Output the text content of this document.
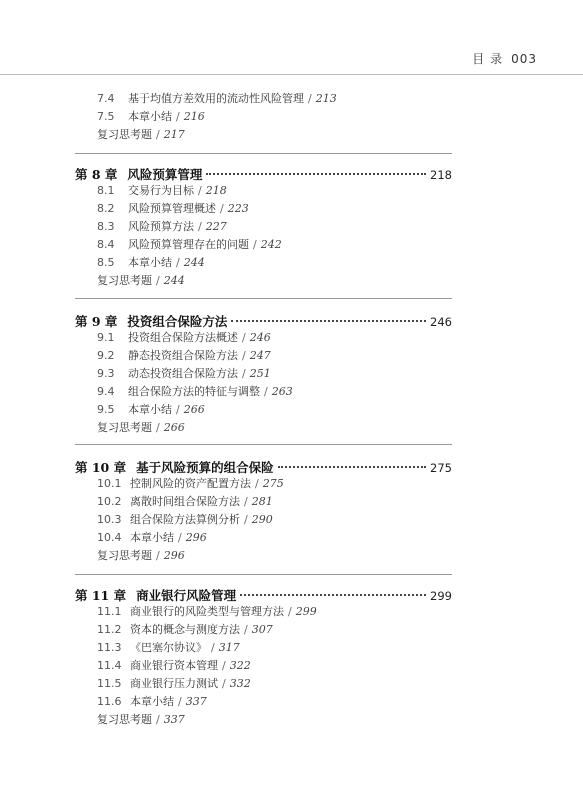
目 录 003
7.4 基于均值方差效用的流动性风险管理 / 213
7.5 本章小结 / 216
复习思考题 / 217
第 8 章 风险预算管理	218
8.1 交易行为目标 / 218
8.2 风险预算管理概述 / 223
8.3 风险预算方法 / 227
8.4 风险预算管理存在的问题 / 242
8.5 本章小结 / 244
复习思考题 / 244
第 9 章 投资组合保险方法	246
9.1 投资组合保险方法概述 / 246
9.2 静态投资组合保险方法 / 247
9.3 动态投资组合保险方法 / 251
9.4 组合保险方法的特征与调整 / 263
9.5 本章小结 / 266
复习思考题 / 266
第 10 章 基于风险预算的组合保险	275
10.1 控制风险的资产配置方法 / 275
10.2 离散时间组合保险方法 / 281
10.3 组合保险方法算例分析 / 290
10.4 本章小结 / 296
复习思考题 / 296
第 11 章 商业银行风险管理	299
11.1 商业银行的风险类型与管理方法 / 299
11.2 资本的概念与测度方法 / 307
11.3 《巴塞尔协议》 / 317
11.4 商业银行资本管理 / 322
11.5 商业银行压力测试 / 332
11.6 本章小结 / 337
复习思考题 / 337
